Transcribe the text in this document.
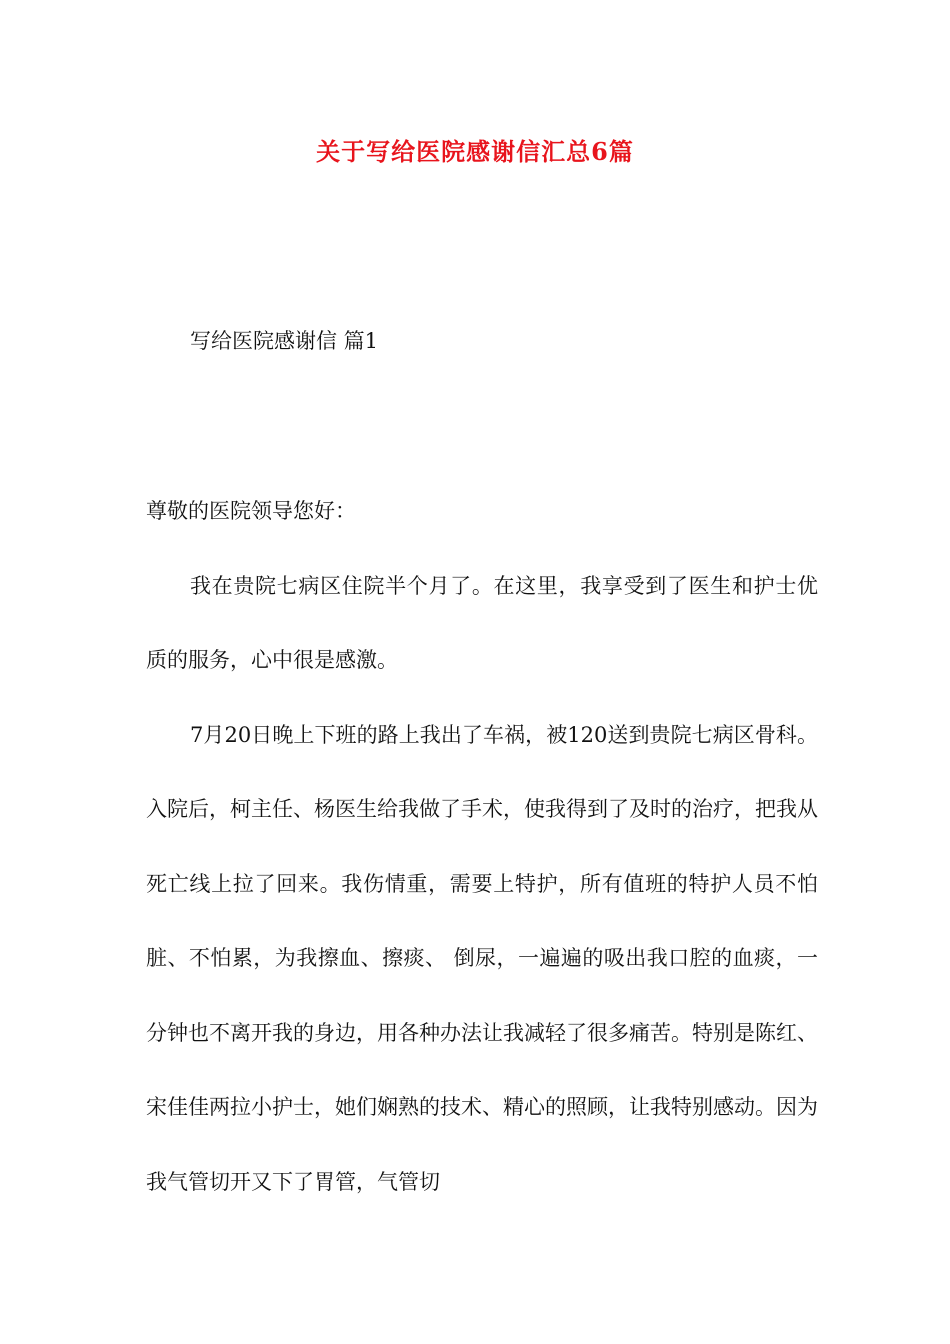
关于写给医院感谢信汇总6篇
写给医院感谢信 篇1

尊敬的医院领导您好：

我在贵院七病区住院半个月了。在这里，我享受到了医生和护士优质的服务，心中很是感激。

7月20日晚上下班的路上我出了车祸，被120送到贵院七病区骨科。入院后，柯主任、杨医生给我做了手术，使我得到了及时的治疗，把我从死亡线上拉了回来。我伤情重，需要上特护，所有值班的特护人员不怕脏、不怕累，为我擦血、擦痰、 倒尿，一遍遍的吸出我口腔的血痰，一分钟也不离开我的身边，用各种办法让我减轻了很多痛苦。特别是陈红、宋佳佳两拉小护士，她们娴熟的技术、精心的照顾，让我特别感动。因为我气管切开又下了胃管，气管切
